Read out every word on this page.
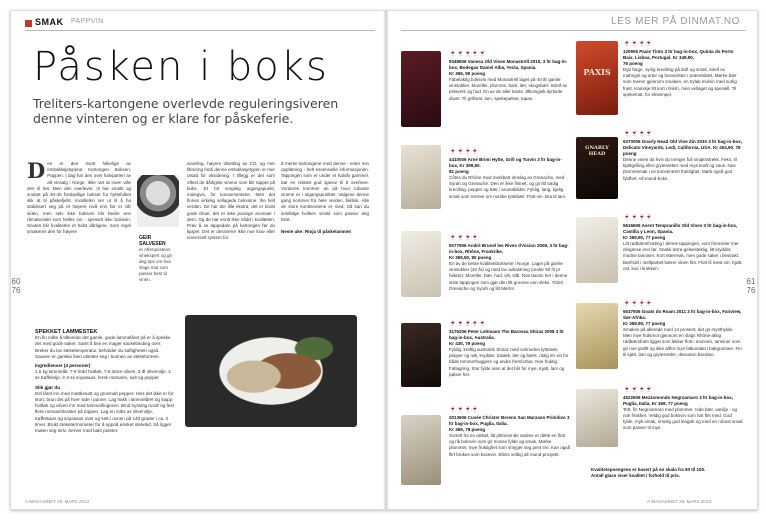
SMAK PAPPVIN	LES MER PÅ DINMAT.NO
Påsken i boks
Treliters-kartongene overlevde reguleringsiveren denne vinteren og er klare for påskeferie.
60
76
61
76
Den er den mest folkelige av emballasjetypene: Kartongen. Boksen. Pappen. I dag har den over halvparten av alt vinsalg i Norge. Ikke rart at noen ville den til livs. Men den overlever. Vi har smakt og snuttet på 30-40 forskjellige bokser for hyttefolket slik at til påskefjells. Kvaliteten ser ut til å ha stabilisert seg på et høyere nivå enn før et når siden, men selv ikke boksvin blir bedre enn råmaterialet som helles inn - spesielt ikke boksvin. Snuten blir kvaliteten et halvt dårligere. Som regel smakeres den for høyere
GEIR SALVESEN
er Aftenpostens vinekspert og gir deg tips om hva slags mat som passer best til vinen.
avveling, høyere tilsetting av CO, og mer filtrering fordi denne emballasjetypen er mer utsatt for oksidering. I tillegg er det som oftest de dårligste vinene som blir tappet på boks. Et bit sorgelig utgangspunkt, mulegvis, for konsumentene. Men det finnes virkelig sellagede bokvinne. Ihe helt verden. De har der lille ekstra; det er brukt gode druer, det er ikke pussige aromaer i dem. Og de har ennå ikke nådd i kvaliteten. Prøv å se tappedato på kartongen før du kjøper. Det er dessverre ikke noe krav eller universelt system for
å merke kartongene med denne - enter min oppfatning - helt essensielle informasjonen. Tappingen som er under et halvår gammel, bør en relativt god sjanse til å overleve. Vurderen kommer an på hvor robuste vinene er i utgangspunktet. Valgene denne gang kommer fra hele verden, faktisk. Alle de store kontinentene er med. Så kan du selvfølge hvilken vinstil som passer deg best.

Neste uke: Rioja til påskelammet
SPEKKET LAMMESTEK
En fin måte å tilberede det gamle, gode lammelåret på er å spekke det med gode saker. Samt å bse en mager sausebinding over. Breker du lav steketemperatur, beholder du saftigheten også. Sausen er ganske liten utsetter seg i bunnen av stekeformen.
Ingredienser (4 personer)
1,5 kg lammelår, 7-8 fedd hvitløk, 7-8 store oliven, 3 dl olivenolje, 2 ss trøffelolje, 2-3 ss soyasaus, fersk rosmarin, salt og pepper
Slik gjør du
Del låret inn med mattbesatt og grovmalt pepper. Hvis det ikke er for stort, brun det på hver side i panne. Lag hakk i lammelåret og stapp hvitløk og oliven inn med tommelfingeren. Bind hyssing rundt og fest flere rosmarinkvister på toppen. Lag en miks av olivenolje, trøffelsaus og soyasaus over og sett i ovnen på 140 grader i ca. 2 timer. Brukt steketermometer for å oppnå ønsket steketid. Så ligger maten seg selv. Server med bakt poteter.
A-MAGASINET 29. MARS 2013	A-MAGASINET 29. MARS 2013
🍷🍷🍷🍷🍷
9348606 Vanesa Old Vines Monastrell 2010, 3 ltr bag-in-box, Bodegas Daniel Alba, Yecla, Spania.
Kr 369, 90 poeng
Fabelaktig boksvin med Monastrell laget på 40 år gamle vinstokker. Moreller, plomme, bark, lær, skogsbær. Streif av pelsverk og hud. En av de aller beste. Økologisk dyrkede druer. Til grillmat, lam, spekepølser, tapas.
🍷🍷🍷🍷
4410006 Arne Brimi Hytte, Grill og Turvin 3 ltr bag-in-box, Kr 399,90.
81 poeng
Côtes du Rhône med merkbart innslag av Grenache, med Syrah og Grenache. Den er ikke flinnet, og gir litt sødig kreolling, pepper og bær i aromabildet. Fyldig, lang, kjølig smak som minner om norske tyttebær. Flott vin. Bra til lam.
🍷🍷🍷🍷
5077906 André Brunel les Rives d'Aicion 2009, 3 ltr bag-in-box, Rhône, Frankrike.
Kr 369,90, 80 poeng
En av de beste kvalitetsboksene i Norge. Laget på gamle vinstokker (40 år) og med lav avkastning (under 50 hl pr hektar). Moreller, bær, hud, vilt, stål. Noe tannin her i denne siste tappingen som gjør den litt grovere enn sleks. 70/20 Grenache og Syrah og litt Merlot.
🍷🍷🍷🍷🍷
3176206 Peter Lehmann The Barossa Shiraz 2008 3 ltr bag-in-box, Australia.
Kr 430, 79 poeng
Fyldig, kraftig australsk Shiraz med solmodna tyttebær, pepper og røk, krydder, tobakk, lær og bærk, riktig en vin for både tommerhuggere og andre fremforbar. Noe fruktig. Fatlagring. Stor fylde uten at det blir for mye. Kjøtt, lam og pølser her.
🍷🍷🍷🍷
2013606 Cuvée Christer Berens San Marzano Primitivo 3 ltr bag-in-box, Puglia, Italia.
Kr 369, 78 poeng
Sortett fra en artikel, litt pittresende sødme er dette en flott og rik boksvin som gir mosse fylde og smak. Mørke plommer, mye fruktighet som smyger seg pent inn. Kan også flirt brukes som kosevin. Ellers velbig all round-prosjekt.
PAXIS
GNARLY HEAD
🍷🍷🍷🍷
120906 Paxis Tinto 3 ltr bag-in-box, Quinta do Porto Baix, Lisboa, Portugal. Kr 349,90,
76 poeng
Dyp farge, syrlig kreolling på duft og smak, streif av mahogni og urter og busviolster i prærebildet. Mørke bær som mener gjennom smaken, en trylak mulvin med surlig frukt. Kanskje litt kort i finish, men vellaget og spesiell. Til spekemat, for eksempel.
🍷🍷🍷🍷
9370006 Gnarly Head Old Vine Zin 2010 3 ltr bag-in-box, Delicato Vineyards, Lodi, California, USA. Kr 404,90. 78 poeng
Denne vinen da hvis du trenger full smaksstrekk. Feks, til kjøttgrilling eller grytesretter med mye kraft og saus. Noe plommemak i en konsentrert fruktighet. Mørk også god fyldhet. All round-boks.
🍷🍷🍷🍷
5616606 Avent Tempranillo Old Vines 3 ltr bag-in-box, Castilla y Leon, Spania.
Kr 359,90, 77 poeng
Litt rødbærsfrukting i denne tappingen, som fremviser mer eleganse enn før. Snakk tørre-gelsesteklig, litt krydder, modne tanniner. Kort etterreak, men gode saker i bestrakt. Børfrukt i mellpartiet bærer vinen fint. Flott til mest vin. Kjøtt, ost, kos i krokken.
🍷🍷🍷🍷
5537506 Goats do Roam 2011 3 ltr bag-in-box, Fairview, Sør-Afrika.
Kr 359,90, 77 poeng
Smakes på allerede med 14 prosent, det gir mynthylde. Men mye fruktmot gjennom en slags Rhône-aktig rødbærsfrukt ligget som lekker flott i munnen, tanniner som gir noe grøftt og ikke altfor mye fatkontakt i bakgrunnen. Fin til kjøtt, lam og grytesretter, dessuten bacalao.
🍷🍷🍷🍷
4522606 Mezzomondo Negroamaro 3 ltr bag-in-box, Puglia, Italia. Kr 369, 77 poeng
Tett, fin Negroamaro med plommer, rode bær, vanilje - og nok friskhet. Veldig god boksvin som har flet med. God fylde, myk smak, rimelig god lengde og med en robust smak som passer til mye.
Kvalitetspoengene er basert på en skala fra 50 til 100.
Antall glass viser kvalitet i forhold til pris.
